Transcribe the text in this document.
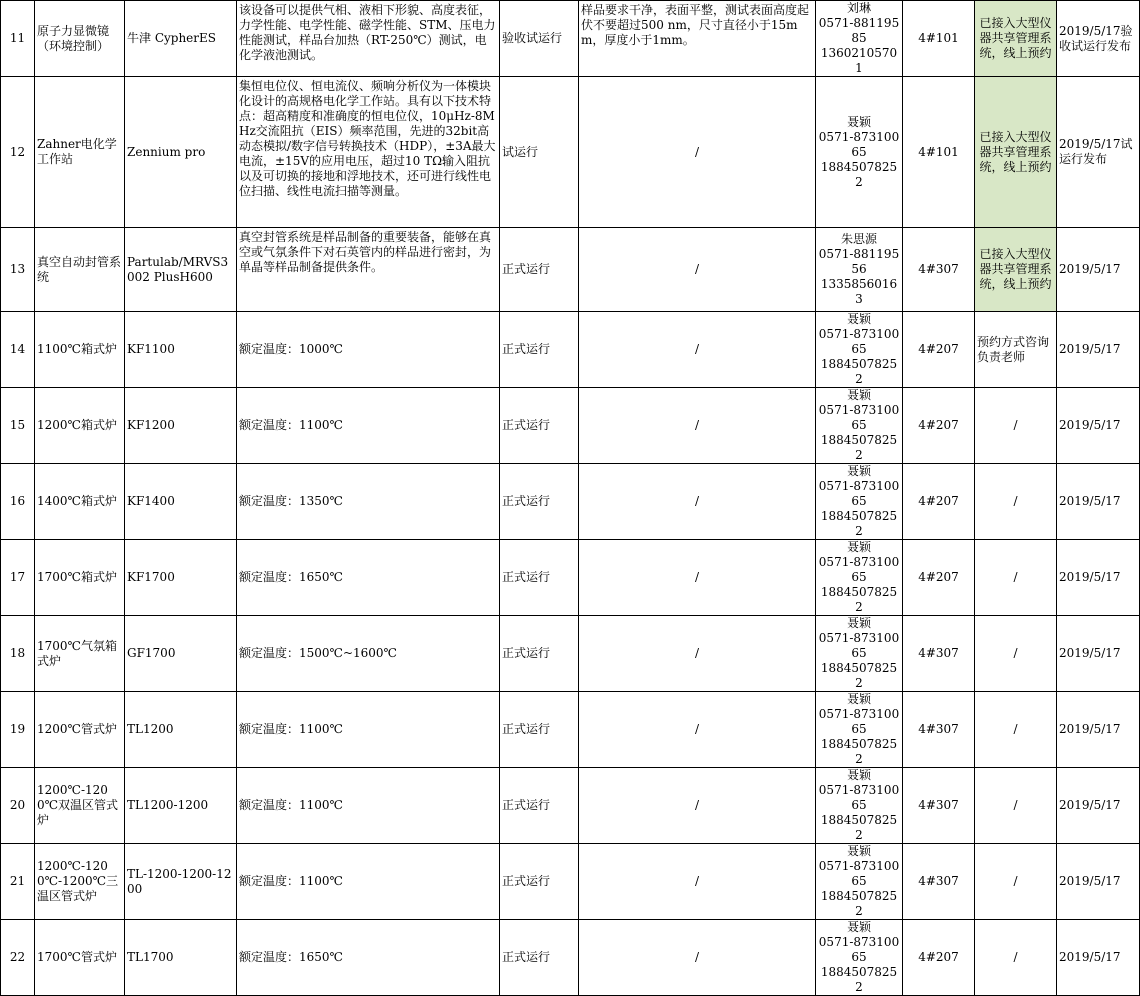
11	原子力显微镜（环境控制）	牛津 CypherES	该设备可以提供气相、液相下形貌、高度表征，力学性能、电学性能、磁学性能、STM、压电力性能测试，样品台加热（RT-250℃）测试，电化学液池测试。	验收试运行	样品要求干净，表面平整，测试表面高度起伏不要超过500 nm，尺寸直径小于15mm，厚度小于1mm。	刘琳
0571-88119585
13602105701	4#101	已接入大型仪器共享管理系统，线上预约	2019/5/17验收试运行发布
12	Zahner电化学工作站	Zennium pro	集恒电位仪、恒电流仪、频响分析仪为一体模块化设计的高规格电化学工作站。具有以下技术特点：超高精度和准确度的恒电位仪，10μHz-8MHz交流阻抗（EIS）频率范围，先进的32bit高动态模拟/数字信号转换技术（HDP），±3A最大电流，±15V的应用电压，超过10 TΩ输入阻抗以及可切换的接地和浮地技术，还可进行线性电位扫描、线性电流扫描等测量。	试运行	/	聂颖
0571-87310065
18845078252	4#101	已接入大型仪器共享管理系统，线上预约	2019/5/17试运行发布
13	真空自动封管系统	Partulab/MRVS3002 PlusH600	真空封管系统是样品制备的重要装备，能够在真空或气氛条件下对石英管内的样品进行密封，为单晶等样品制备提供条件。	正式运行	/	朱思源
0571-88119556
13358560163	4#307	已接入大型仪器共享管理系统，线上预约	2019/5/17
14	1100℃箱式炉	KF1100	额定温度：1000℃	正式运行	/	聂颖
0571-87310065
18845078252	4#207	预约方式咨询负责老师	2019/5/17
15	1200℃箱式炉	KF1200	额定温度：1100℃	正式运行	/	聂颖
0571-87310065
18845078252	4#207	/	2019/5/17
16	1400℃箱式炉	KF1400	额定温度：1350℃	正式运行	/	聂颖
0571-87310065
18845078252	4#207	/	2019/5/17
17	1700℃箱式炉	KF1700	额定温度：1650℃	正式运行	/	聂颖
0571-87310065
18845078252	4#207	/	2019/5/17
18	1700℃气氛箱式炉	GF1700	额定温度：1500℃~1600℃	正式运行	/	聂颖
0571-87310065
18845078252	4#307	/	2019/5/17
19	1200℃管式炉	TL1200	额定温度：1100℃	正式运行	/	聂颖
0571-87310065
18845078252	4#307	/	2019/5/17
20	1200℃-1200℃双温区管式炉	TL1200-1200	额定温度：1100℃	正式运行	/	聂颖
0571-87310065
18845078252	4#307	/	2019/5/17
21	1200℃-1200℃-1200℃三温区管式炉	TL-1200-1200-1200	额定温度：1100℃	正式运行	/	聂颖
0571-87310065
18845078252	4#307	/	2019/5/17
22	1700℃管式炉	TL1700	额定温度：1650℃	正式运行	/	聂颖
0571-87310065
18845078252	4#207	/	2019/5/17
